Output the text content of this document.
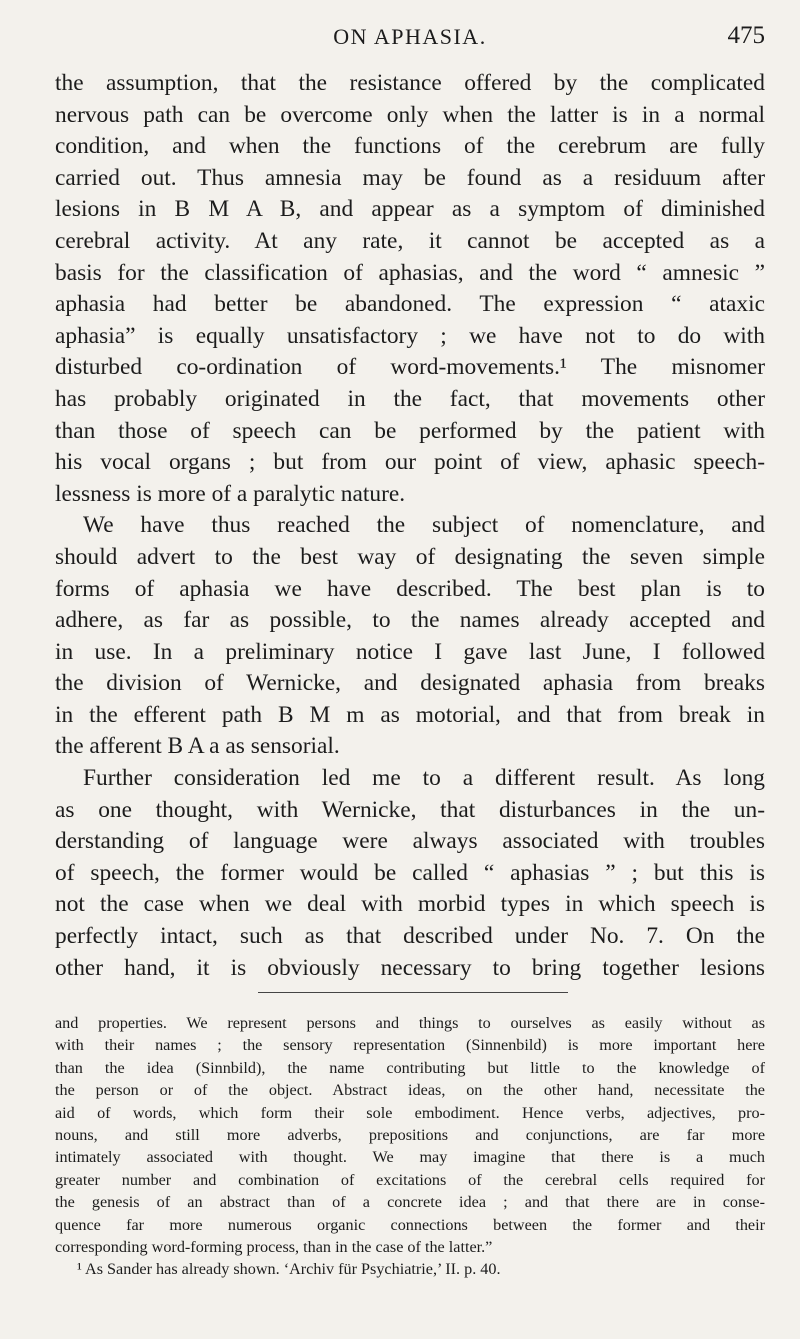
ON APHASIA.	475

the assumption, that the resistance offered by the complicated
nervous path can be overcome only when the latter is in a normal
condition, and when the functions of the cerebrum are fully
carried out. Thus amnesia may be found as a residuum after
lesions in B M A B, and appear as a symptom of diminished
cerebral activity. At any rate, it cannot be accepted as a
basis for the classification of aphasias, and the word “ amnesic ”
aphasia had better be abandoned. The expression “ ataxic
aphasia” is equally unsatisfactory ; we have not to do with
disturbed co-ordination of word-movements.¹ The misnomer
has probably originated in the fact, that movements other
than those of speech can be performed by the patient with
his vocal organs ; but from our point of view, aphasic speech-
lessness is more of a paralytic nature.

We have thus reached the subject of nomenclature, and
should advert to the best way of designating the seven simple
forms of aphasia we have described. The best plan is to
adhere, as far as possible, to the names already accepted and
in use. In a preliminary notice I gave last June, I followed
the division of Wernicke, and designated aphasia from breaks
in the efferent path B M m as motorial, and that from break in
the afferent B A a as sensorial.

Further consideration led me to a different result. As long
as one thought, with Wernicke, that disturbances in the un-
derstanding of language were always associated with troubles
of speech, the former would be called “ aphasias ” ; but this is
not the case when we deal with morbid types in which speech is
perfectly intact, such as that described under No. 7. On the
other hand, it is obviously necessary to bring together lesions

and properties. We represent persons and things to ourselves as easily without as
with their names ; the sensory representation (Sinnenbild) is more important here
than the idea (Sinnbild), the name contributing but little to the knowledge of
the person or of the object. Abstract ideas, on the other hand, necessitate the
aid of words, which form their sole embodiment. Hence verbs, adjectives, pro-
nouns, and still more adverbs, prepositions and conjunctions, are far more
intimately associated with thought. We may imagine that there is a much
greater number and combination of excitations of the cerebral cells required for
the genesis of an abstract than of a concrete idea ; and that there are in conse-
quence far more numerous organic connections between the former and their
corresponding word-forming process, than in the case of the latter.”
¹ As Sander has already shown. ‘Archiv für Psychiatrie,’ II. p. 40.
